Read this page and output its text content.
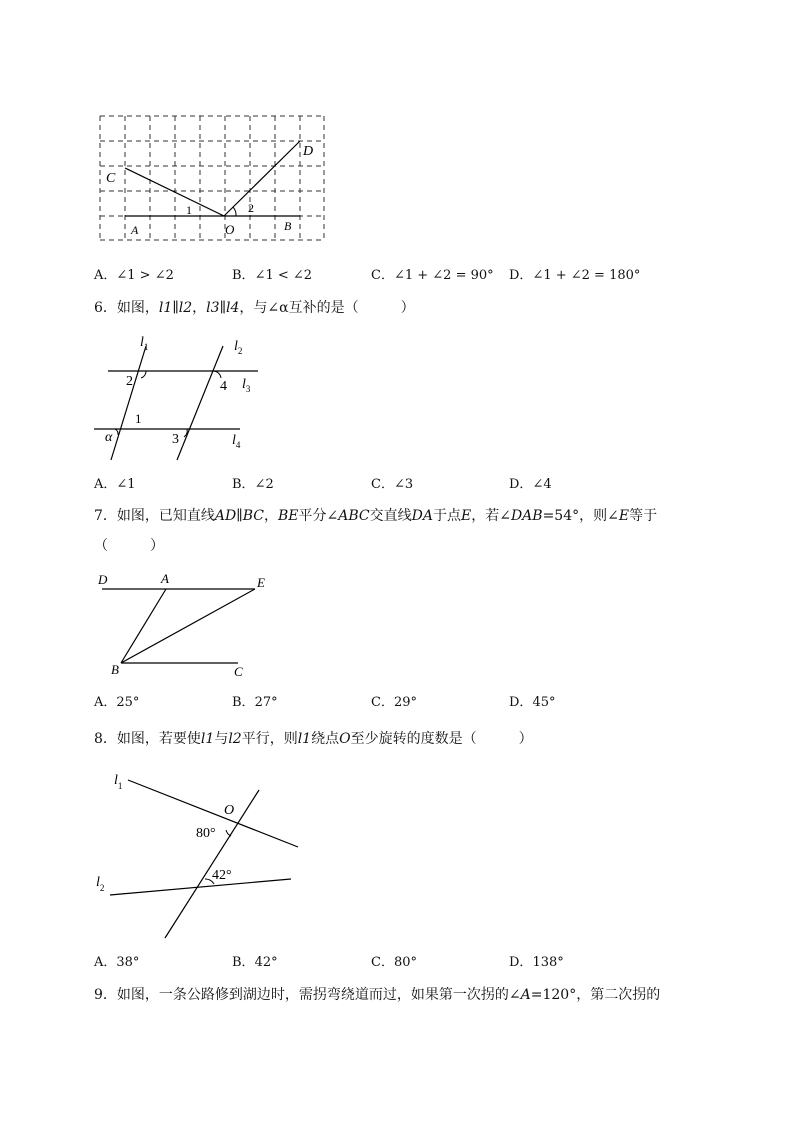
C
D
A	O	B
1	2
A．∠1 > ∠2	B．∠1 < ∠2	C．∠1 + ∠2 = 90° D．∠1 + ∠2 = 180°
6．如图，l1∥l2，l3∥l4，与∠α互补的是（　　　）
$l_1$	$l_2$
$l_3$
$l_4$
2	4
1
3
α
A．∠1	B．∠2	C．∠3	D．∠4
7．如图，已知直线AD∥BC，BE平分∠ABC交直线DA于点E，若∠DAB=54°，则∠E等于
（　　　）
D	A	E
B	C
A．25°	B．27°	C．29°	D．45°
8．如图，若要使l1与l2平行，则l1绕点O至少旋转的度数是（　　　）
$l_1$
$l_2$
O
80°
42°
A．38°	B．42°	C．80°	D．138°
9．如图，一条公路修到湖边时，需拐弯绕道而过，如果第一次拐的∠A=120°，第二次拐的
